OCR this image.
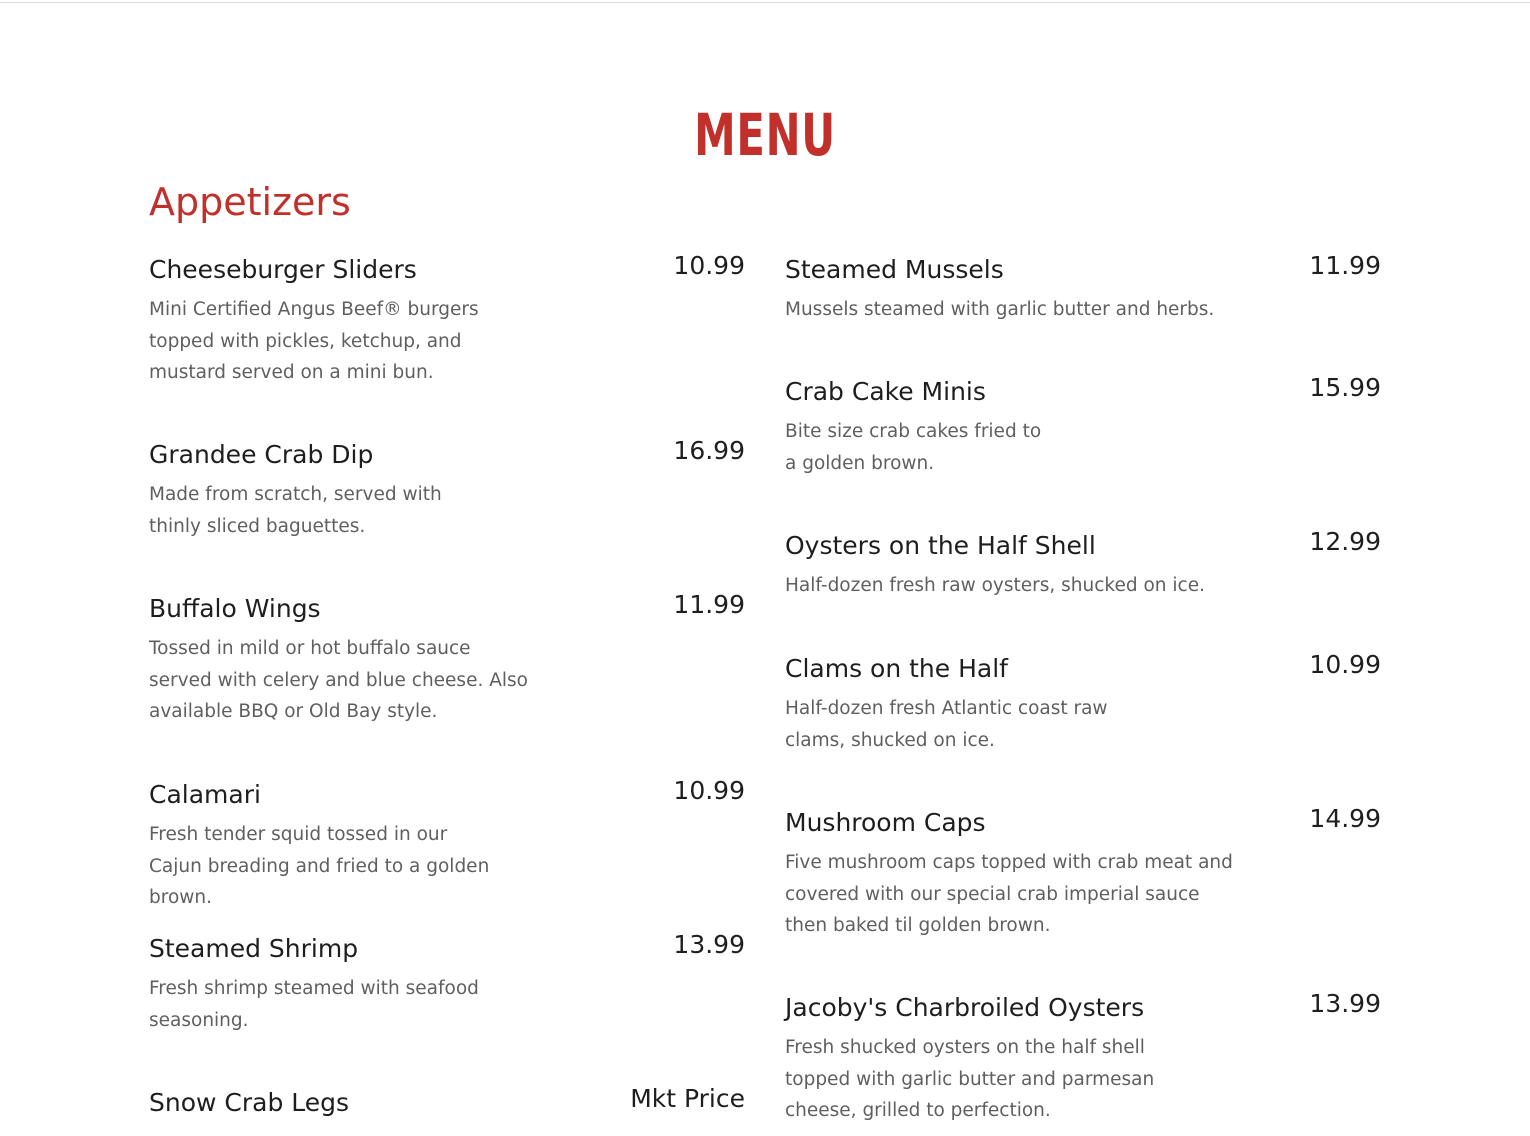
MENU
Appetizers
Cheeseburger Sliders	10.99
Mini Certified Angus Beef® burgers topped with pickles, ketchup, and mustard served on a mini bun.
Grandee Crab Dip	16.99
Made from scratch, served with thinly sliced baguettes.
Buffalo Wings	11.99
Tossed in mild or hot buffalo sauce served with celery and blue cheese. Also available BBQ or Old Bay style.
Calamari	10.99
Fresh tender squid tossed in our Cajun breading and fried to a golden brown.
Steamed Shrimp	13.99
Fresh shrimp steamed with seafood seasoning.
Snow Crab Legs	Mkt Price
Steamed Mussels	11.99
Mussels steamed with garlic butter and herbs.
Crab Cake Minis	15.99
Bite size crab cakes fried to a golden brown.
Oysters on the Half Shell	12.99
Half-dozen fresh raw oysters, shucked on ice.
Clams on the Half	10.99
Half-dozen fresh Atlantic coast raw clams, shucked on ice.
Mushroom Caps	14.99
Five mushroom caps topped with crab meat and covered with our special crab imperial sauce then baked til golden brown.
Jacoby's Charbroiled Oysters	13.99
Fresh shucked oysters on the half shell topped with garlic butter and parmesan cheese, grilled to perfection.
